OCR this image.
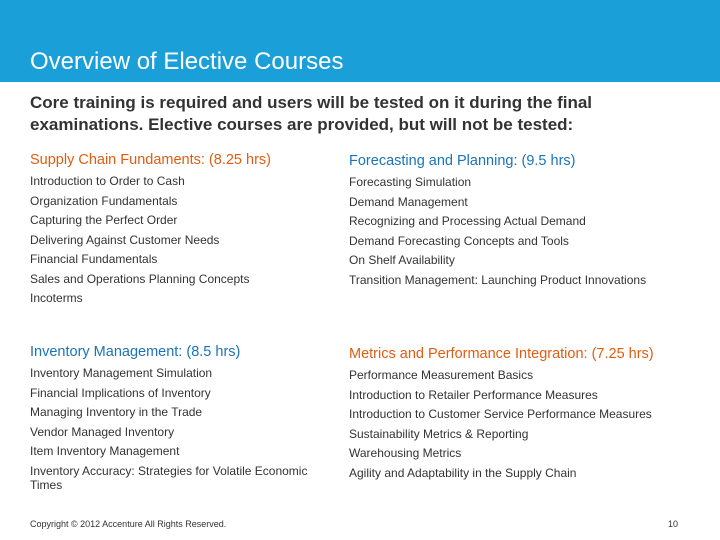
Overview of Elective Courses
Core training is required and users will be tested on it during the final examinations. Elective courses are provided, but will not be tested:
Supply Chain Fundaments: (8.25 hrs)
Introduction to Order to Cash
Organization Fundamentals
Capturing the Perfect Order
Delivering Against Customer Needs
Financial Fundamentals
Sales and Operations Planning Concepts
Incoterms
Forecasting and Planning: (9.5 hrs)
Forecasting Simulation
Demand Management
Recognizing and Processing Actual Demand
Demand Forecasting Concepts and Tools
On Shelf Availability
Transition Management: Launching Product Innovations
Inventory Management: (8.5 hrs)
Inventory Management Simulation
Financial Implications of Inventory
Managing Inventory in the Trade
Vendor Managed Inventory
Item Inventory Management
Inventory Accuracy: Strategies for Volatile Economic Times
Metrics and Performance Integration: (7.25 hrs)
Performance Measurement Basics
Introduction to Retailer Performance Measures
Introduction to Customer Service Performance Measures
Sustainability Metrics & Reporting
Warehousing Metrics
Agility and Adaptability in the Supply Chain
Copyright © 2012 Accenture All Rights Reserved.	10
